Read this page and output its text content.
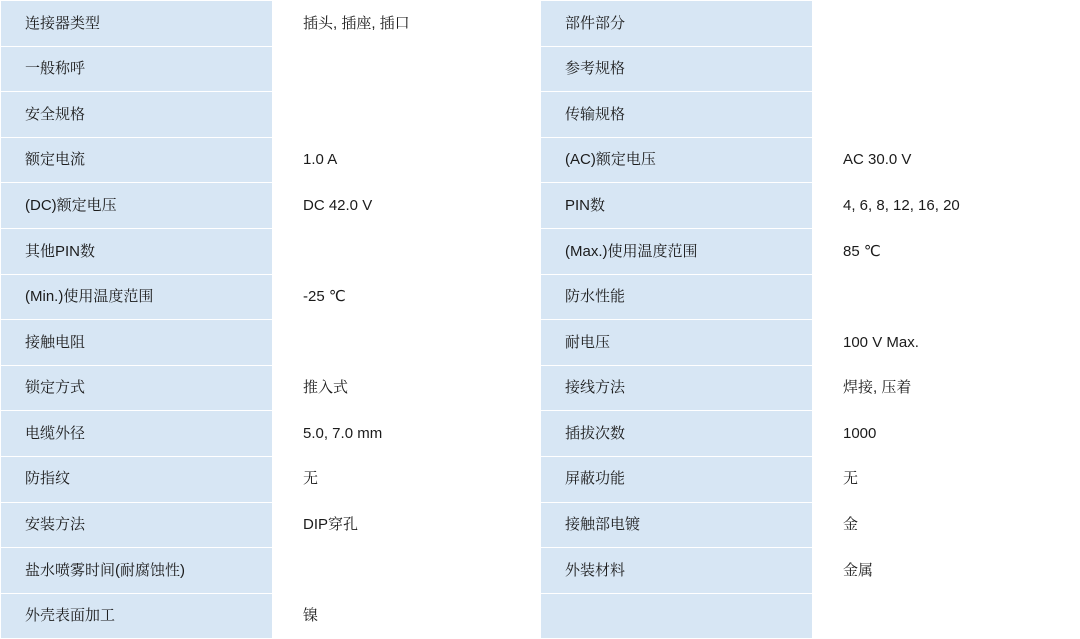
连接器类型	插头, 插座, 插口	部件部分	
一般称呼		参考规格	
安全规格		传输规格	
额定电流	1.0 A	(AC)额定电压	AC 30.0 V
(DC)额定电压	DC 42.0 V	PIN数	4, 6, 8, 12, 16, 20
其他PIN数		(Max.)使用温度范围	85 ℃
(Min.)使用温度范围	-25 ℃	防水性能	
接触电阻		耐电压	100 V Max.
锁定方式	推入式	接线方法	焊接, 压着
电缆外径	5.0, 7.0 mm	插拔次数	1000
防指纹	无	屏蔽功能	无
安装方法	DIP穿孔	接触部电镀	金
盐水喷雾时间(耐腐蚀性)		外装材料	金属
外壳表面加工	镍		
